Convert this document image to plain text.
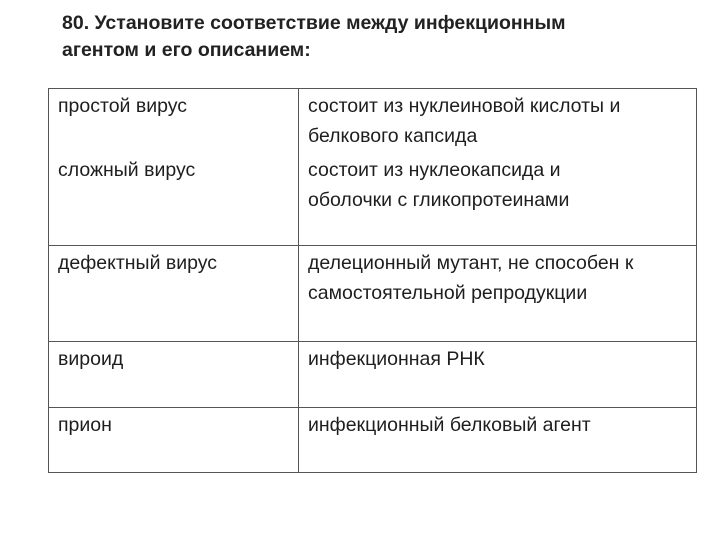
80. Установите соответствие между инфекционным
агентом и его описанием:
простой вирус	состоит из нуклеиновой кислоты и
белкового капсида
сложный вирус	состоит из нуклеокапсида и
оболочки с гликопротеинами
дефектный вирус	делеционный мутант, не способен к
самостоятельной репродукции
вироид	инфекционная РНК
прион	инфекционный белковый агент
